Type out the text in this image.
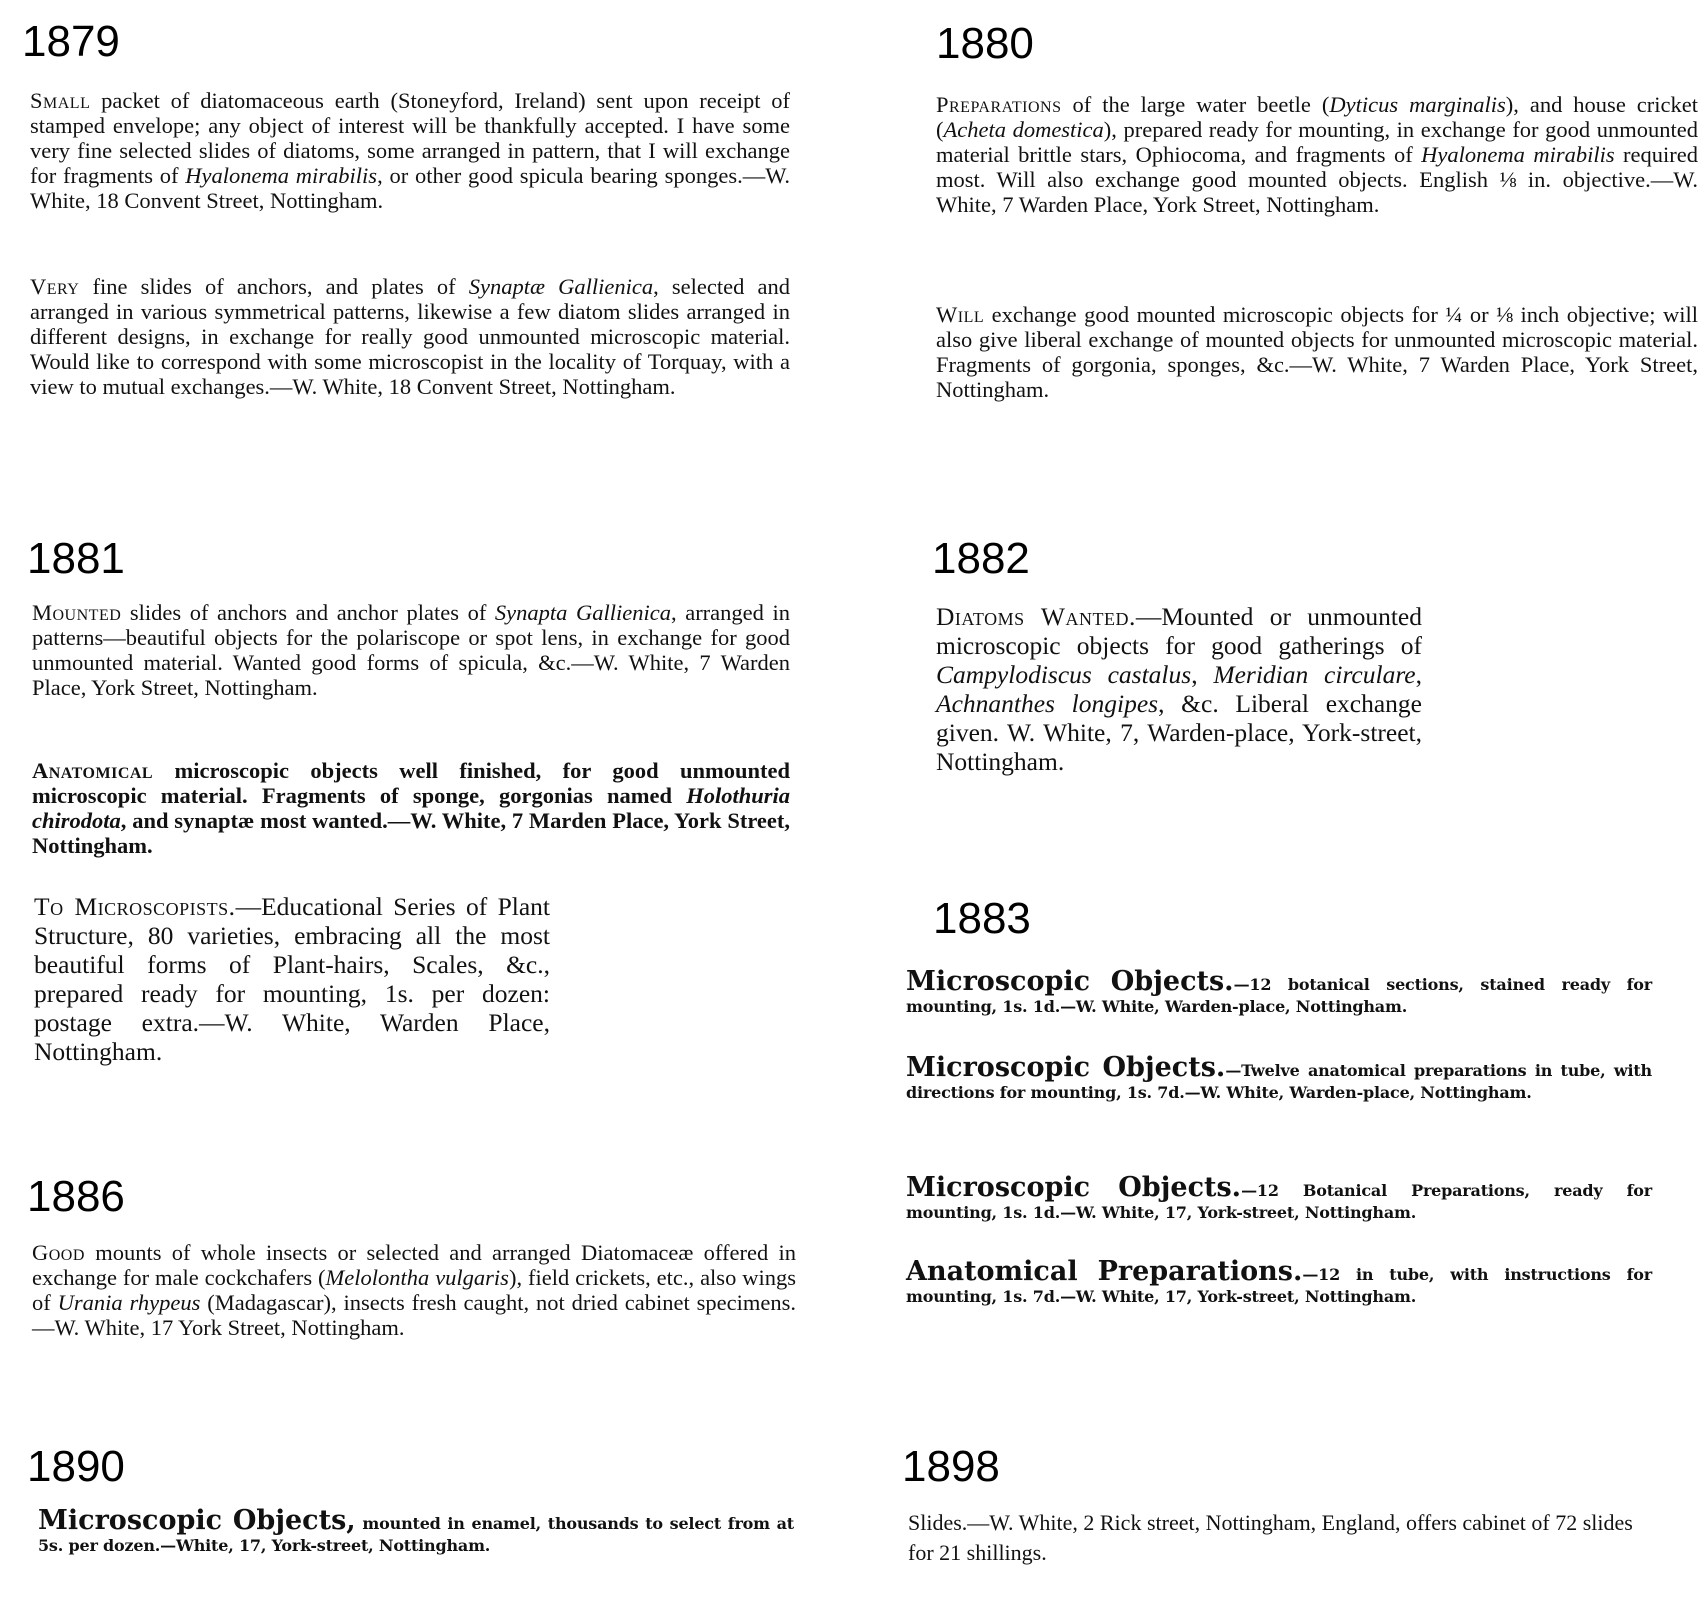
1879

Small packet of diatomaceous earth (Stoneyford, Ireland) sent upon receipt of stamped envelope; any object of interest will be thankfully accepted. I have some very fine selected slides of diatoms, some arranged in pattern, that I will exchange for fragments of Hyalonema mirabilis, or other good spicula bearing sponges.—W. White, 18 Convent Street, Nottingham.

Very fine slides of anchors, and plates of Synaptæ Gallienica, selected and arranged in various symmetrical patterns, likewise a few diatom slides arranged in different designs, in exchange for really good unmounted microscopic material. Would like to correspond with some microscopist in the locality of Torquay, with a view to mutual exchanges.—W. White, 18 Convent Street, Nottingham.

1880

Preparations of the large water beetle (Dyticus marginalis), and house cricket (Acheta domestica), prepared ready for mounting, in exchange for good unmounted material brittle stars, Ophiocoma, and fragments of Hyalonema mirabilis required most. Will also exchange good mounted objects. English ⅛ in. objective.—W. White, 7 Warden Place, York Street, Nottingham.

Will exchange good mounted microscopic objects for ¼ or ⅛ inch objective; will also give liberal exchange of mounted objects for unmounted microscopic material. Fragments of gorgonia, sponges, &c.—W. White, 7 Warden Place, York Street, Nottingham.

1881

Mounted slides of anchors and anchor plates of Synapta Gallienica, arranged in patterns—beautiful objects for the polariscope or spot lens, in exchange for good unmounted material. Wanted good forms of spicula, &c.—W. White, 7 Warden Place, York Street, Nottingham.

Anatomical microscopic objects well finished, for good unmounted microscopic material. Fragments of sponge, gorgonias named Holothuria chirodota, and synaptæ most wanted.—W. White, 7 Marden Place, York Street, Nottingham.

To Microscopists.—Educational Series of Plant Structure, 80 varieties, embracing all the most beautiful forms of Plant-hairs, Scales, &c., prepared ready for mounting, 1s. per dozen: postage extra.—W. White, Warden Place, Nottingham.

1882

Diatoms Wanted.—Mounted or unmounted microscopic objects for good gatherings of Campylodiscus castalus, Meridian circulare, Achnanthes longipes, &c. Liberal exchange given. W. White, 7, Warden-place, York-street, Nottingham.

1883

Microscopic Objects.—12 botanical sections, stained ready for mounting, 1s. 1d.—W. White, Warden-place, Nottingham.

Microscopic Objects.—Twelve anatomical preparations in tube, with directions for mounting, 1s. 7d.—W. White, Warden-place, Nottingham.

Microscopic Objects.—12 Botanical Preparations, ready for mounting, 1s. 1d.—W. White, 17, York-street, Nottingham.

Anatomical Preparations.—12 in tube, with instructions for mounting, 1s. 7d.—W. White, 17, York-street, Nottingham.

1886

Good mounts of whole insects or selected and arranged Diatomaceæ offered in exchange for male cockchafers (Melolontha vulgaris), field crickets, etc., also wings of Urania rhypeus (Madagascar), insects fresh caught, not dried cabinet specimens.—W. White, 17 York Street, Nottingham.

1890

Microscopic Objects, mounted in enamel, thousands to select from at 5s. per dozen.—White, 17, York-street, Nottingham.

1898

Slides.—W. White, 2 Rick street, Nottingham, England, offers cabinet of 72 slides for 21 shillings.
